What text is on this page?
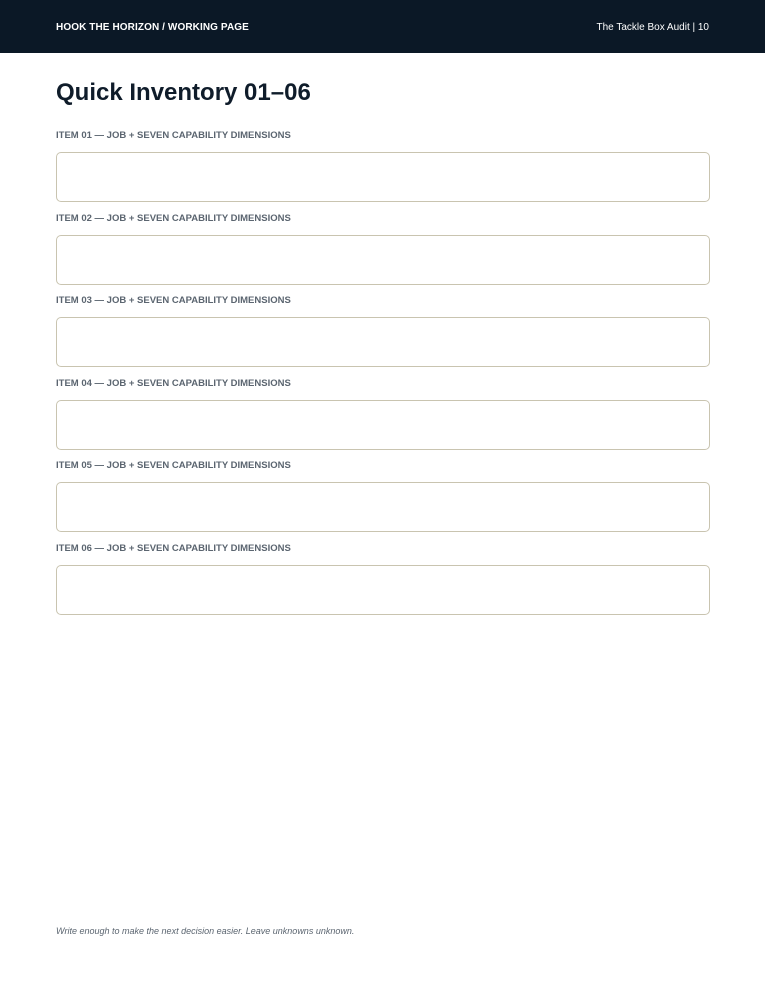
HOOK THE HORIZON / WORKING PAGE	The Tackle Box Audit | 10
Quick Inventory 01–06
ITEM 01 — JOB + SEVEN CAPABILITY DIMENSIONS
ITEM 02 — JOB + SEVEN CAPABILITY DIMENSIONS
ITEM 03 — JOB + SEVEN CAPABILITY DIMENSIONS
ITEM 04 — JOB + SEVEN CAPABILITY DIMENSIONS
ITEM 05 — JOB + SEVEN CAPABILITY DIMENSIONS
ITEM 06 — JOB + SEVEN CAPABILITY DIMENSIONS
Write enough to make the next decision easier. Leave unknowns unknown.
